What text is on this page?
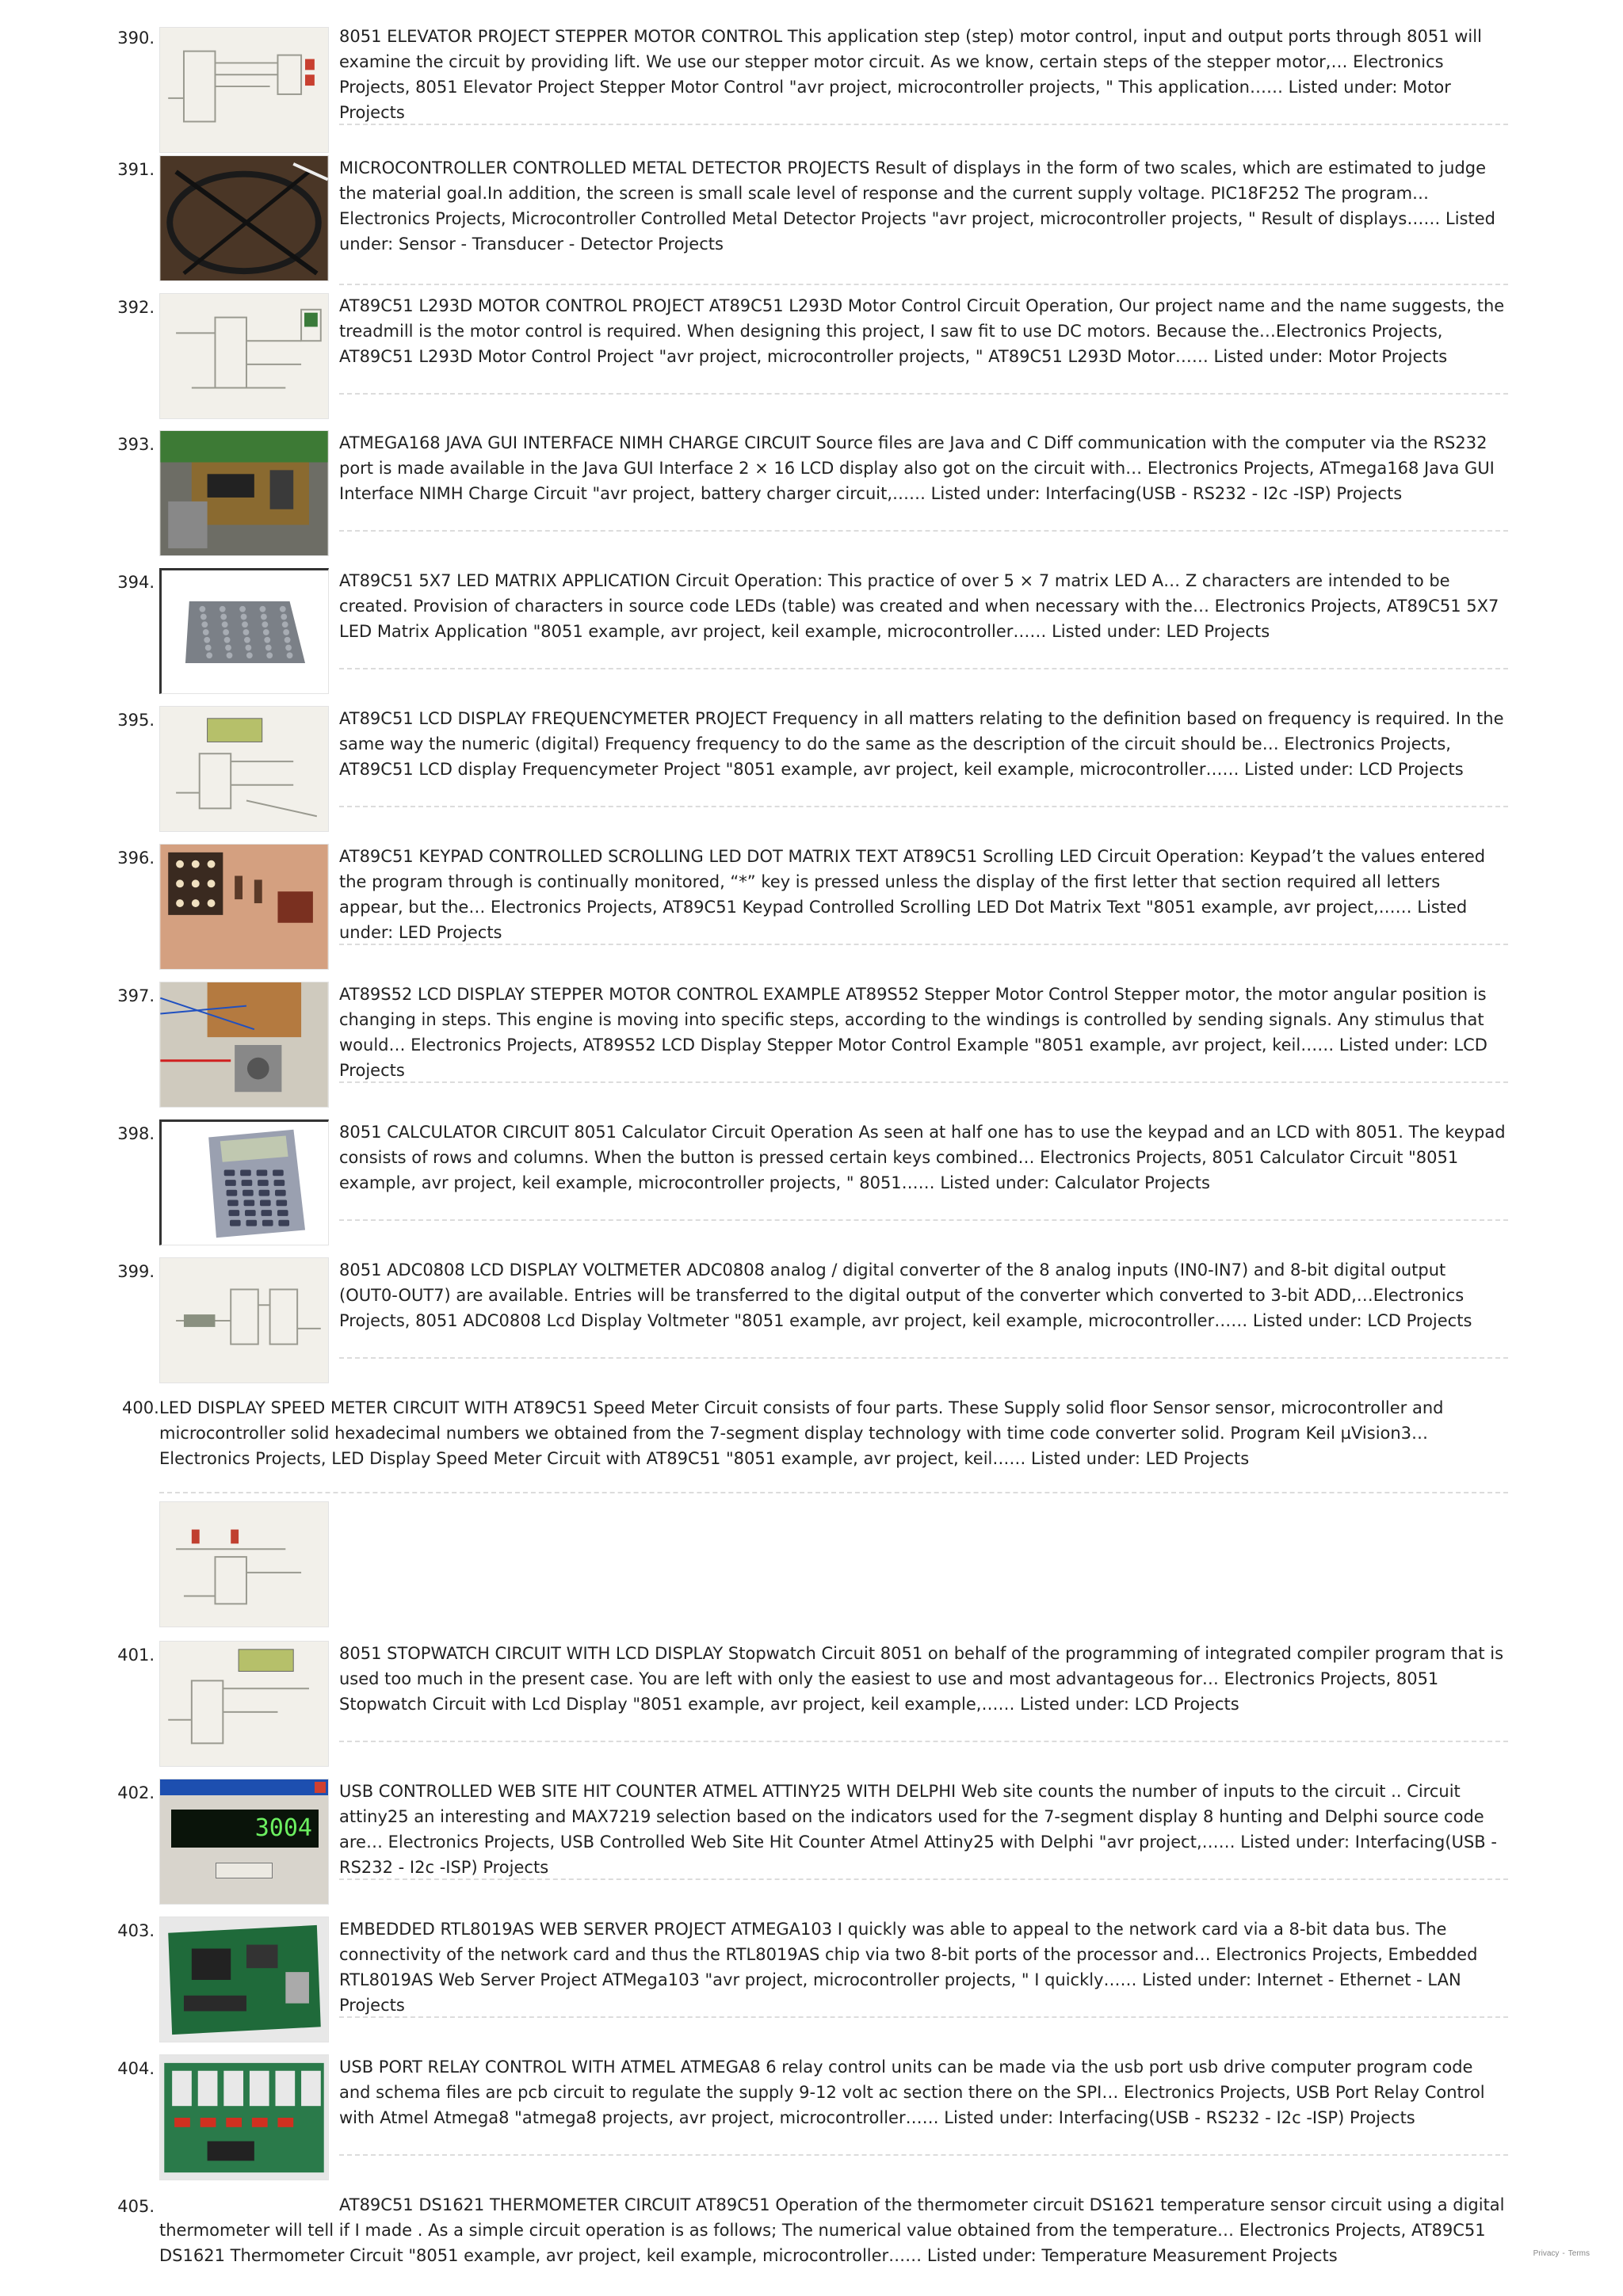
390.	8051 ELEVATOR PROJECT STEPPER MOTOR CONTROL This application step (step) motor control, input and output ports through 8051 will examine the circuit by providing lift. We use our stepper motor circuit. As we know, certain steps of the stepper motor,… Electronics Projects, 8051 Elevator Project Stepper Motor Control "avr project, microcontroller projects, " This application…… Listed under: Motor Projects
391.	MICROCONTROLLER CONTROLLED METAL DETECTOR PROJECTS Result of displays in the form of two scales, which are estimated to judge the material goal.In addition, the screen is small scale level of response and the current supply voltage. PIC18F252 The program… Electronics Projects, Microcontroller Controlled Metal Detector Projects "avr project, microcontroller projects, " Result of displays…… Listed under: Sensor - Transducer - Detector Projects
392.	AT89C51 L293D MOTOR CONTROL PROJECT AT89C51 L293D Motor Control Circuit Operation, Our project name and the name suggests, the treadmill is the motor control is required. When designing this project, I saw fit to use DC motors. Because the…Electronics Projects, AT89C51 L293D Motor Control Project "avr project, microcontroller projects, " AT89C51 L293D Motor…… Listed under: Motor Projects
393.	ATMEGA168 JAVA GUI INTERFACE NIMH CHARGE CIRCUIT Source files are Java and C Diff communication with the computer via the RS232 port is made available in the Java GUI Interface 2 × 16 LCD display also got on the circuit with… Electronics Projects, ATmega168 Java GUI Interface NIMH Charge Circuit "avr project, battery charger circuit,…… Listed under: Interfacing(USB - RS232 - I2c -ISP) Projects
394.	AT89C51 5X7 LED MATRIX APPLICATION Circuit Operation: This practice of over 5 × 7 matrix LED A… Z characters are intended to be created. Provision of characters in source code LEDs (table) was created and when necessary with the… Electronics Projects, AT89C51 5X7 LED Matrix Application "8051 example, avr project, keil example, microcontroller…… Listed under: LED Projects
395.	AT89C51 LCD DISPLAY FREQUENCYMETER PROJECT Frequency in all matters relating to the definition based on frequency is required. In the same way the numeric (digital) Frequency frequency to do the same as the description of the circuit should be… Electronics Projects, AT89C51 LCD display Frequencymeter Project "8051 example, avr project, keil example, microcontroller…… Listed under: LCD Projects
396.	AT89C51 KEYPAD CONTROLLED SCROLLING LED DOT MATRIX TEXT AT89C51 Scrolling LED Circuit Operation: Keypad’t the values entered the program through is continually monitored, “*” key is pressed unless the display of the first letter that section required all letters appear, but the… Electronics Projects, AT89C51 Keypad Controlled Scrolling LED Dot Matrix Text "8051 example, avr project,…… Listed under: LED Projects
397.	AT89S52 LCD DISPLAY STEPPER MOTOR CONTROL EXAMPLE AT89S52 Stepper Motor Control Stepper motor, the motor angular position is changing in steps. This engine is moving into specific steps, according to the windings is controlled by sending signals. Any stimulus that would… Electronics Projects, AT89S52 LCD Display Stepper Motor Control Example "8051 example, avr project, keil…… Listed under: LCD Projects
398.	8051 CALCULATOR CIRCUIT 8051 Calculator Circuit Operation As seen at half one has to use the keypad and an LCD with 8051. The keypad consists of rows and columns. When the button is pressed certain keys combined… Electronics Projects, 8051 Calculator Circuit "8051 example, avr project, keil example, microcontroller projects, " 8051…… Listed under: Calculator Projects
399.	8051 ADC0808 LCD DISPLAY VOLTMETER ADC0808 analog / digital converter of the 8 analog inputs (IN0-IN7) and 8-bit digital output (OUT0-OUT7) are available. Entries will be transferred to the digital output of the converter which converted to 3-bit ADD,…Electronics Projects, 8051 ADC0808 Lcd Display Voltmeter "8051 example, avr project, keil example, microcontroller…… Listed under: LCD Projects
400. LED DISPLAY SPEED METER CIRCUIT WITH AT89C51 Speed Meter Circuit consists of four parts. These Supply solid floor Sensor sensor, microcontroller and microcontroller solid hexadecimal numbers we obtained from the 7-segment display technology with time code converter solid. Program Keil µVision3… Electronics Projects, LED Display Speed Meter Circuit with AT89C51 "8051 example, avr project, keil…… Listed under: LED Projects
401.	8051 STOPWATCH CIRCUIT WITH LCD DISPLAY Stopwatch Circuit 8051 on behalf of the programming of integrated compiler program that is used too much in the present case. You are left with only the easiest to use and most advantageous for… Electronics Projects, 8051 Stopwatch Circuit with Lcd Display "8051 example, avr project, keil example,…… Listed under: LCD Projects
402.
3004
USB CONTROLLED WEB SITE HIT COUNTER ATMEL ATTINY25 WITH DELPHI Web site counts the number of inputs to the circuit .. Circuit attiny25 an interesting and MAX7219 selection based on the indicators used for the 7-segment display 8 hunting and Delphi source code are… Electronics Projects, USB Controlled Web Site Hit Counter Atmel Attiny25 with Delphi "avr project,…… Listed under: Interfacing(USB - RS232 - I2c -ISP) Projects
403.	EMBEDDED RTL8019AS WEB SERVER PROJECT ATMEGA103 I quickly was able to appeal to the network card via a 8-bit data bus. The connectivity of the network card and thus the RTL8019AS chip via two 8-bit ports of the processor and… Electronics Projects, Embedded RTL8019AS Web Server Project ATMega103 "avr project, microcontroller projects, " I quickly…… Listed under: Internet - Ethernet - LAN Projects
404.	USB PORT RELAY CONTROL WITH ATMEL ATMEGA8 6 relay control units can be made via the usb port usb drive computer program code and schema files are pcb circuit to regulate the supply 9-12 volt ac section there on the SPI… Electronics Projects, USB Port Relay Control with Atmel Atmega8 "atmega8 projects, avr project, microcontroller…… Listed under: Interfacing(USB - RS232 - I2c -ISP) Projects
405.	AT89C51 DS1621 THERMOMETER CIRCUIT AT89C51 Operation of the thermometer circuit DS1621 temperature sensor circuit using a digital thermometer will tell if I made . As a simple circuit operation is as follows; The numerical value obtained from the temperature… Electronics Projects, AT89C51 DS1621 Thermometer Circuit "8051 example, avr project, keil example, microcontroller…… Listed under: Temperature Measurement Projects	Privacy - Terms
